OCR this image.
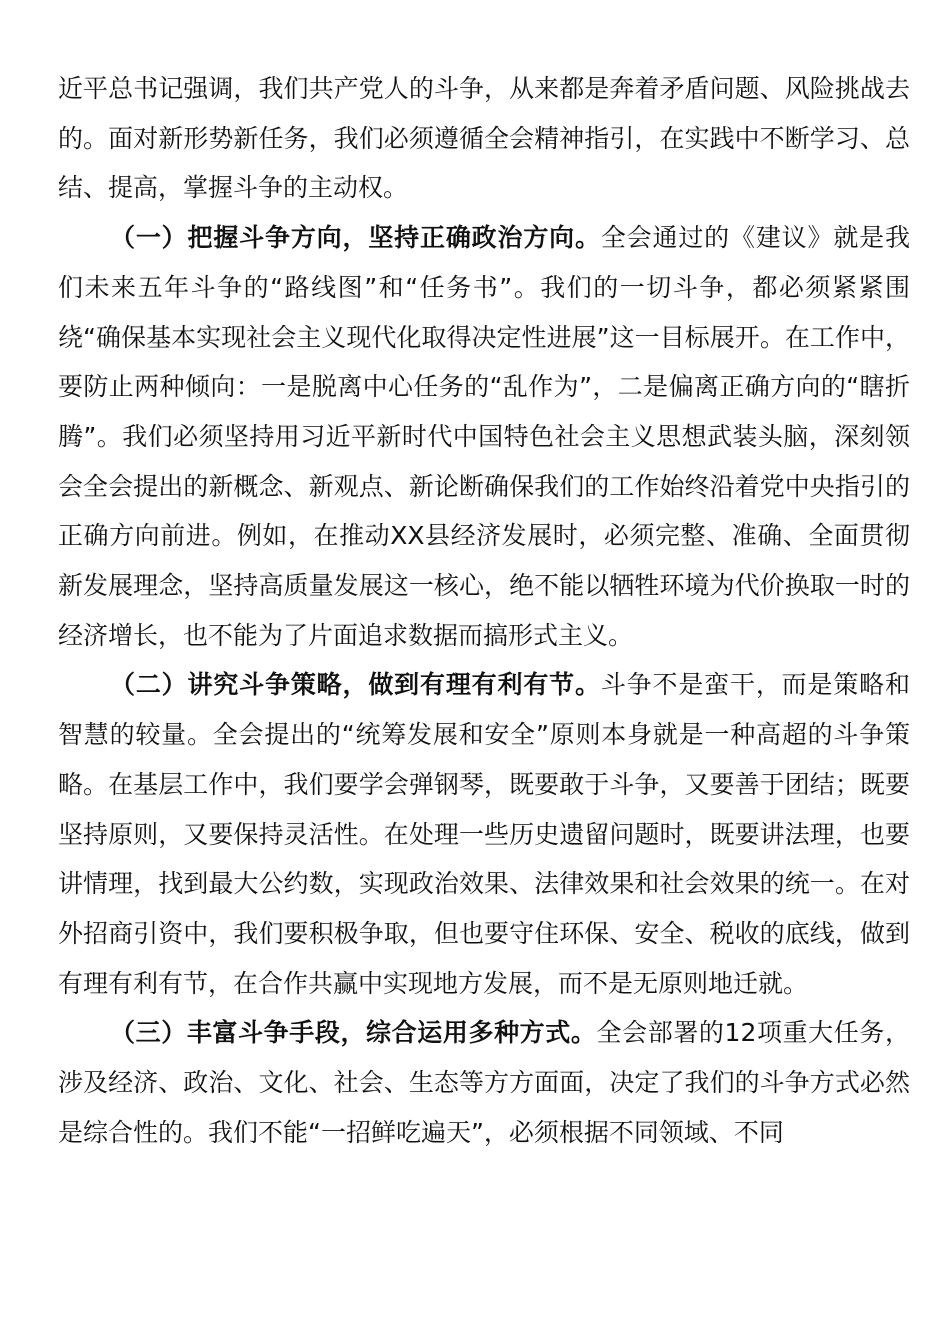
近平总书记强调，我们共产党人的斗争，从来都是奔着矛盾问题、风险挑战去的。面对新形势新任务，我们必须遵循全会精神指引，在实践中不断学习、总结、提高，掌握斗争的主动权。

（一）把握斗争方向，坚持正确政治方向。全会通过的《建议》就是我们未来五年斗争的“路线图”和“任务书”。我们的一切斗争，都必须紧紧围绕“确保基本实现社会主义现代化取得决定性进展”这一目标展开。在工作中，要防止两种倾向：一是脱离中心任务的“乱作为”，二是偏离正确方向的“瞎折腾”。我们必须坚持用习近平新时代中国特色社会主义思想武装头脑，深刻领会全会提出的新概念、新观点、新论断确保我们的工作始终沿着党中央指引的正确方向前进。例如，在推动XX县经济发展时，必须完整、准确、全面贯彻新发展理念，坚持高质量发展这一核心，绝不能以牺牲环境为代价换取一时的经济增长，也不能为了片面追求数据而搞形式主义。

（二）讲究斗争策略，做到有理有利有节。斗争不是蛮干，而是策略和智慧的较量。全会提出的“统筹发展和安全”原则本身就是一种高超的斗争策略。在基层工作中，我们要学会弹钢琴，既要敢于斗争，又要善于团结；既要坚持原则，又要保持灵活性。在处理一些历史遗留问题时，既要讲法理，也要讲情理，找到最大公约数，实现政治效果、法律效果和社会效果的统一。在对外招商引资中，我们要积极争取，但也要守住环保、安全、税收的底线，做到有理有利有节，在合作共赢中实现地方发展，而不是无原则地迁就。

（三）丰富斗争手段，综合运用多种方式。全会部署的12项重大任务，涉及经济、政治、文化、社会、生态等方方面面，决定了我们的斗争方式必然是综合性的。我们不能“一招鲜吃遍天”，必须根据不同领域、不同
